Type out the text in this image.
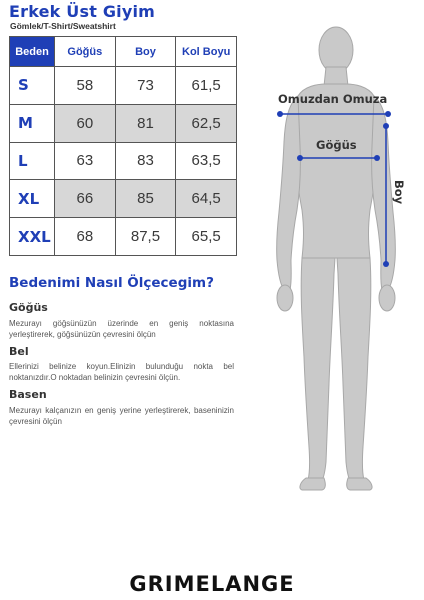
Erkek Üst Giyim
Gömlek/T-Shirt/Sweatshirt
Beden	Göğüs	Boy	Kol Boyu
S	58	73	61,5
M	60	81	62,5
L	63	83	63,5
XL	66	85	64,5
XXL	68	87,5	65,5
Bedenimi Nasıl Ölçecegim?
Göğüs
Mezurayı göğsünüzün üzerinde en geniş noktasına yerleştirerek, göğsünüzün çevresini ölçün
Bel
Ellerinizi belinize koyun.Elinizin bulunduğu nokta bel noktanızdır.O noktadan belinizin çevresini ölçün.
Basen
Mezurayı kalçanızın en geniş yerine yerleştirerek, baseninizin çevresini ölçün
Omuzdan Omuza
Göğüs
Boy
GRIMELANGE
